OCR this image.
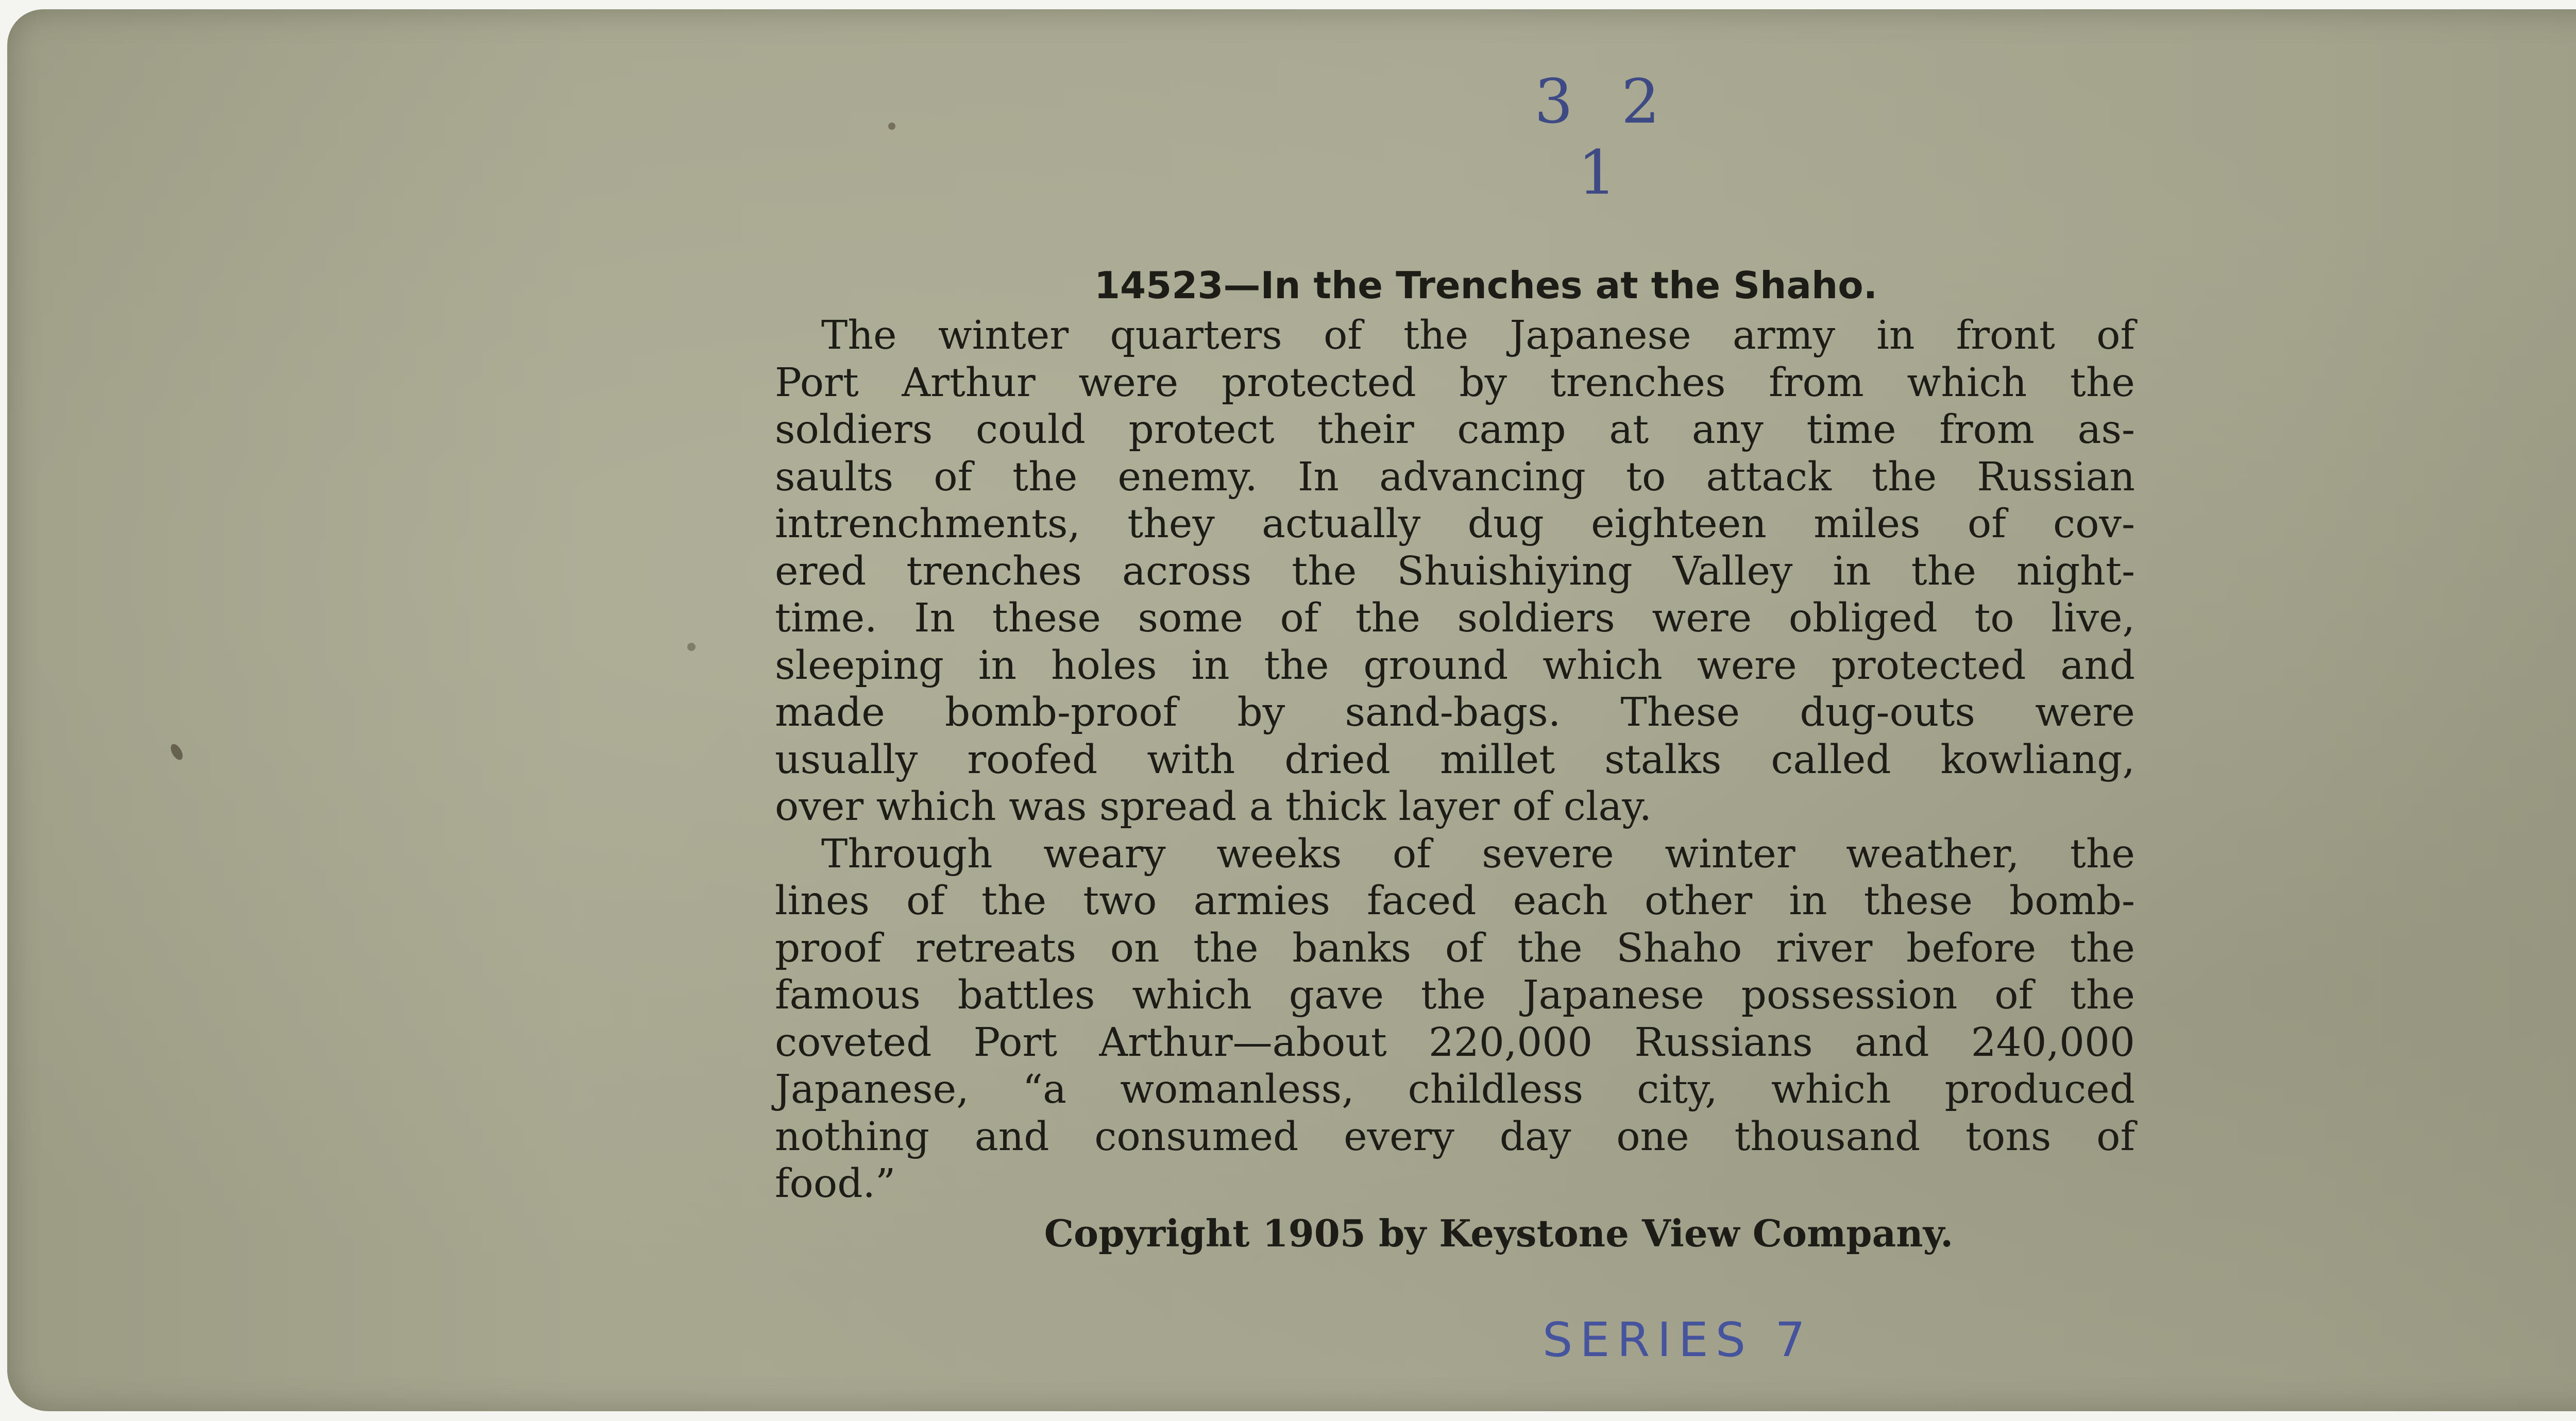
3 2 1
14523—In the Trenches at the Shaho.
The winter quarters of the Japanese army in front of
Port Arthur were protected by trenches from which the
soldiers could protect their camp at any time from as-
saults of the enemy. In advancing to attack the Russian
intrenchments, they actually dug eighteen miles of cov-
ered trenches across the Shuishiying Valley in the night-
time. In these some of the soldiers were obliged to live,
sleeping in holes in the ground which were protected and
made bomb-proof by sand-bags. These dug-outs were
usually roofed with dried millet stalks called kowliang,
over which was spread a thick layer of clay.
Through weary weeks of severe winter weather, the
lines of the two armies faced each other in these bomb-
proof retreats on the banks of the Shaho river before the
famous battles which gave the Japanese possession of the
coveted Port Arthur—about 220,000 Russians and 240,000
Japanese, “a womanless, childless city, which produced
nothing and consumed every day one thousand tons of
food.”
Copyright 1905 by Keystone View Company.
SERIES 7
